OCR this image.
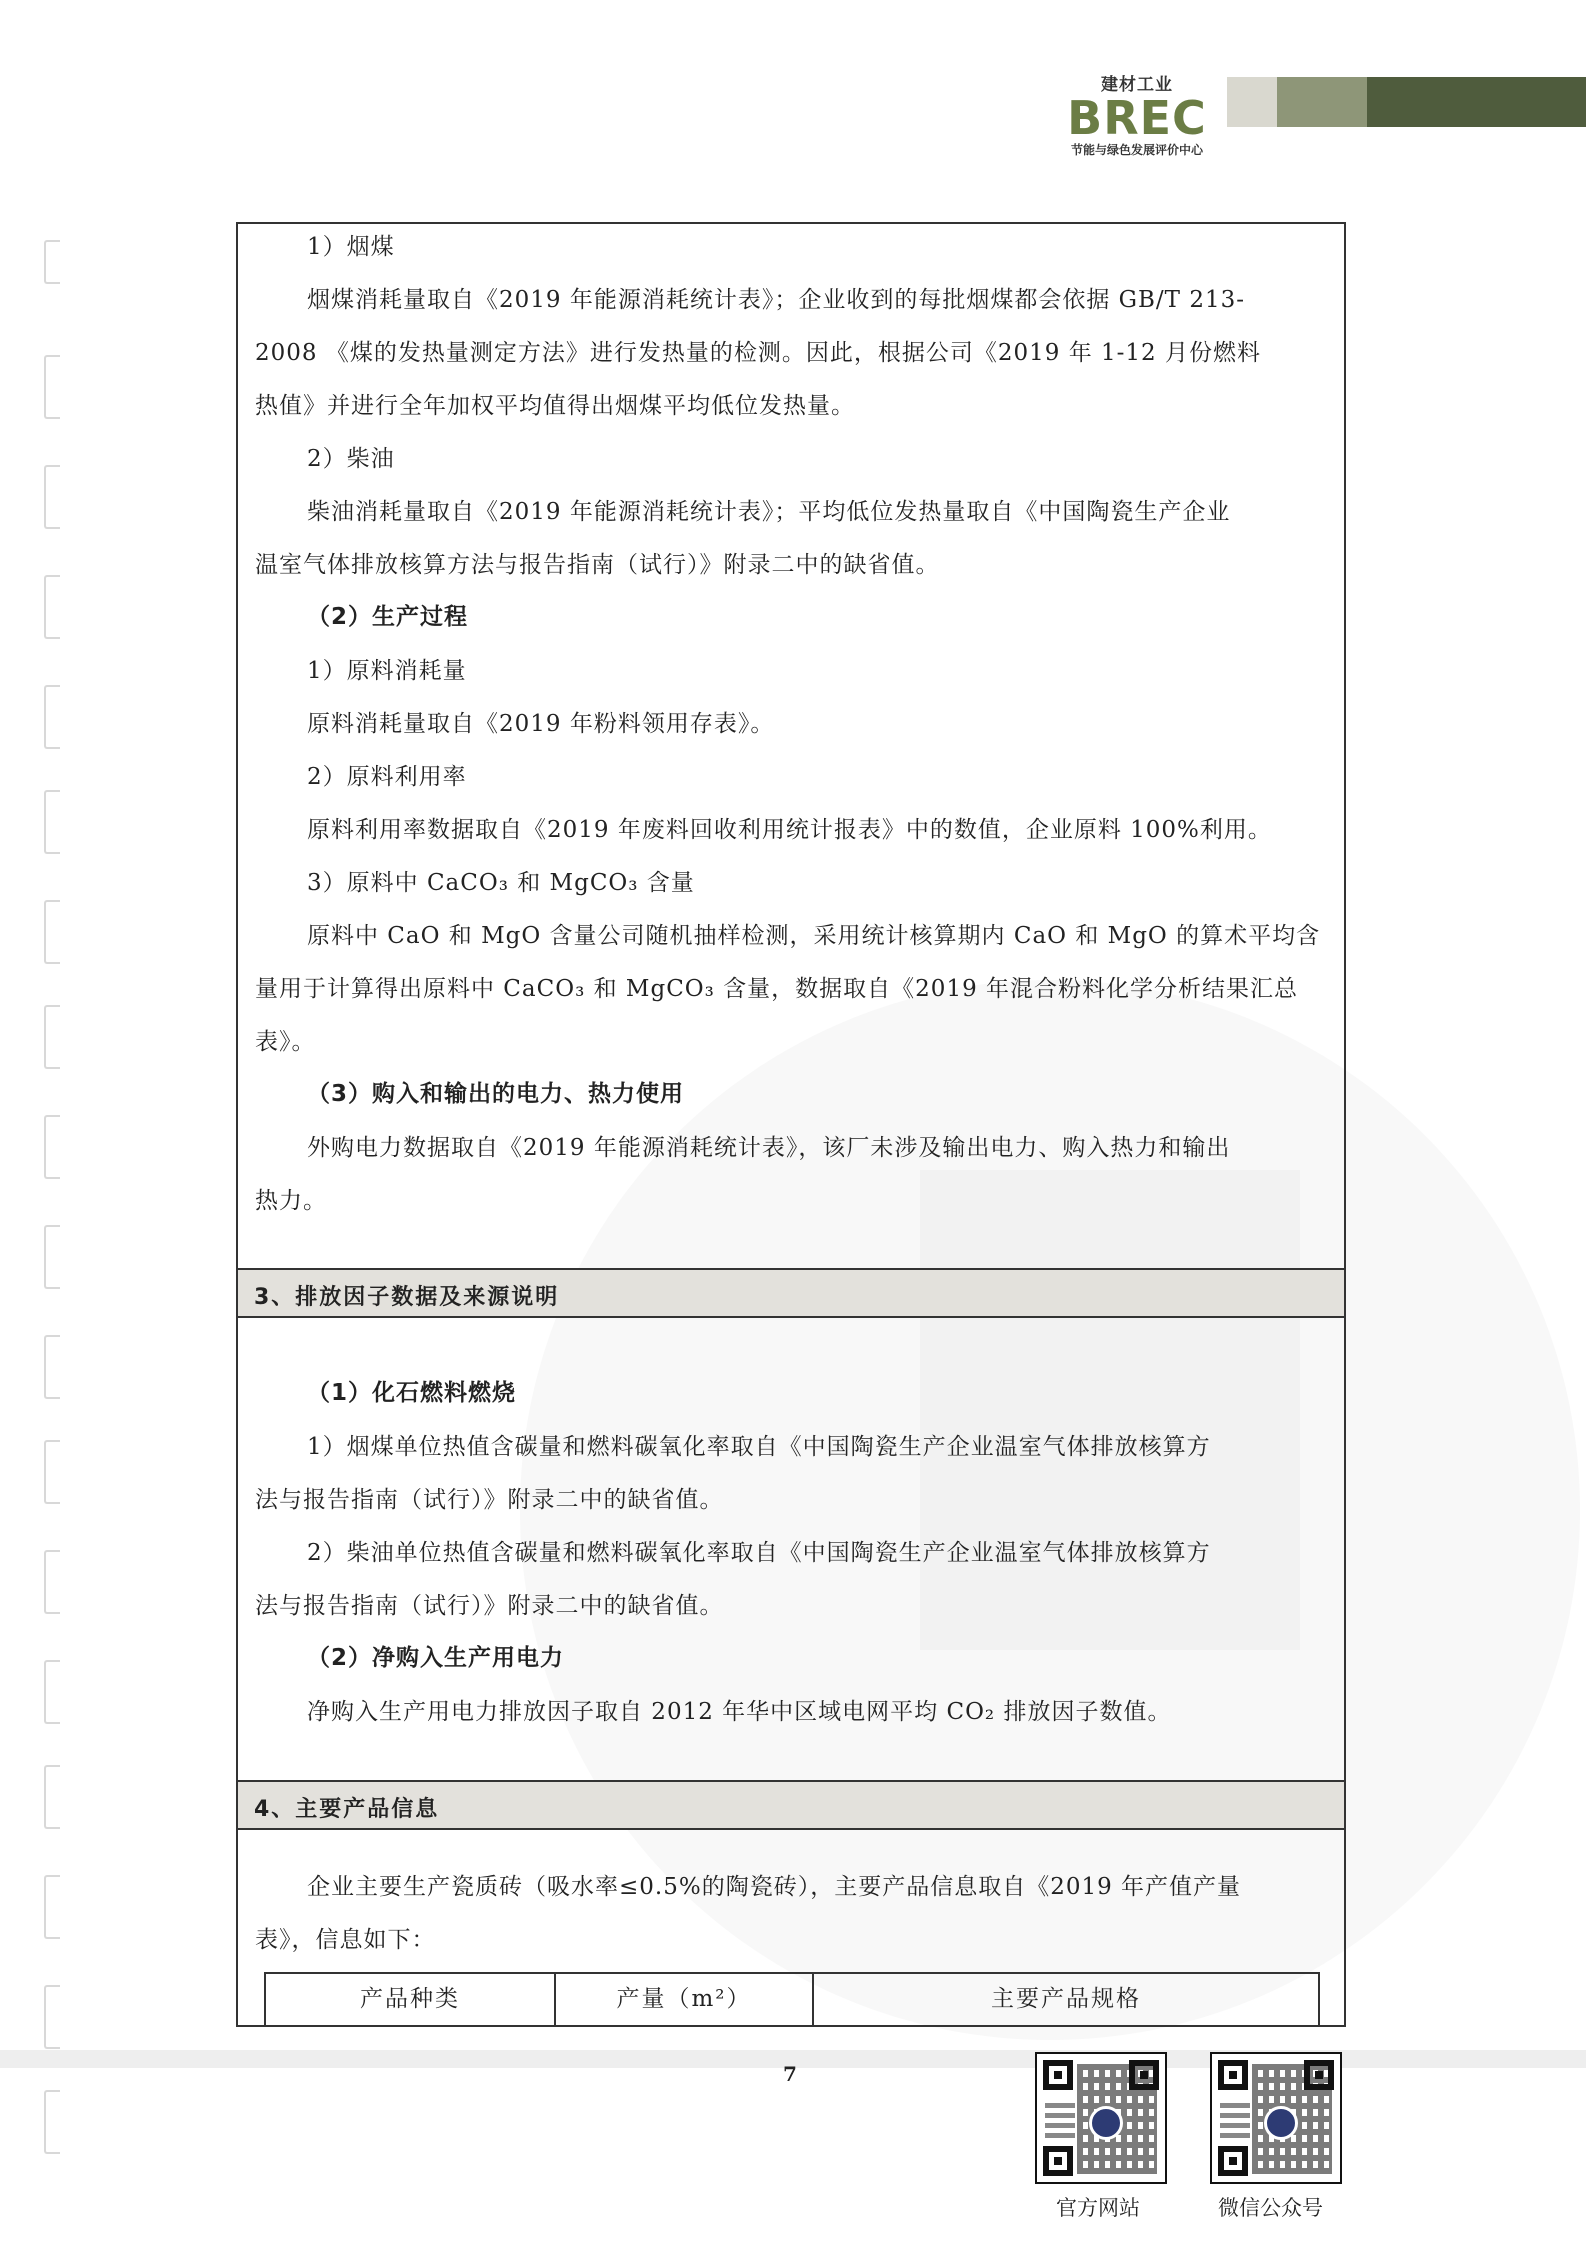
建材工业
BREC
节能与绿色发展评价中心
3、排放因子数据及来源说明
4、主要产品信息
1）烟煤
烟煤消耗量取自《2019 年能源消耗统计表》；企业收到的每批烟煤都会依据 GB/T 213-
2008 《煤的发热量测定方法》进行发热量的检测。因此，根据公司《2019 年 1-12 月份燃料
热值》并进行全年加权平均值得出烟煤平均低位发热量。
2）柴油
柴油消耗量取自《2019 年能源消耗统计表》；平均低位发热量取自《中国陶瓷生产企业
温室气体排放核算方法与报告指南（试行）》附录二中的缺省值。
（2）生产过程
1）原料消耗量
原料消耗量取自《2019 年粉料领用存表》。
2）原料利用率
原料利用率数据取自《2019 年废料回收利用统计报表》中的数值，企业原料 100%利用。
3）原料中 CaCO₃ 和 MgCO₃ 含量
原料中 CaO 和 MgO 含量公司随机抽样检测，采用统计核算期内 CaO 和 MgO 的算术平均含
量用于计算得出原料中 CaCO₃ 和 MgCO₃ 含量，数据取自《2019 年混合粉料化学分析结果汇总
表》。
（3）购入和输出的电力、热力使用
外购电力数据取自《2019 年能源消耗统计表》，该厂未涉及输出电力、购入热力和输出
热力。
（1）化石燃料燃烧
1）烟煤单位热值含碳量和燃料碳氧化率取自《中国陶瓷生产企业温室气体排放核算方
法与报告指南（试行）》附录二中的缺省值。
2）柴油单位热值含碳量和燃料碳氧化率取自《中国陶瓷生产企业温室气体排放核算方
法与报告指南（试行）》附录二中的缺省值。
（2）净购入生产用电力
净购入生产用电力排放因子取自 2012 年华中区域电网平均 CO₂ 排放因子数值。
企业主要生产瓷质砖（吸水率≤0.5%的陶瓷砖），主要产品信息取自《2019 年产值产量
表》，信息如下：
产品种类	产量（m²）	主要产品规格
7
官方网站	微信公众号
